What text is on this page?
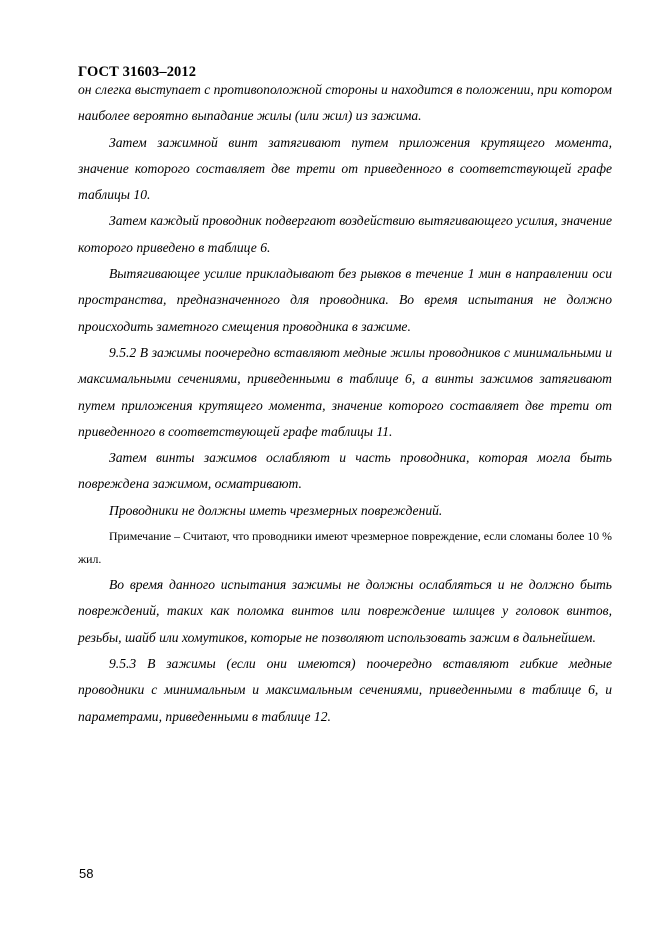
ГОСТ 31603–2012

он слегка выступает с противоположной стороны и находится в положении, при котором наиболее вероятно выпадание жилы (или жил) из зажима.

Затем зажимной винт затягивают путем приложения крутящего момента, значение которого составляет две трети от приведенного в соответствующей графе таблицы 10.

Затем каждый проводник подвергают воздействию вытягивающего усилия, значение которого приведено в таблице 6.

Вытягивающее усилие прикладывают без рывков в течение 1 мин в направлении оси пространства, предназначенного для проводника. Во время испытания не должно происходить заметного смещения проводника в зажиме.

9.5.2 В зажимы поочередно вставляют медные жилы проводников с минимальными и максимальными сечениями, приведенными в таблице 6, а винты зажимов затягивают путем приложения крутящего момента, значение которого составляет две трети от приведенного в соответствующей графе таблицы 11.

Затем винты зажимов ослабляют и часть проводника, которая могла быть повреждена зажимом, осматривают.

Проводники не должны иметь чрезмерных повреждений.

Примечание – Считают, что проводники имеют чрезмерное повреждение, если сломаны более 10 % жил.

Во время данного испытания зажимы не должны ослабляться и не должно быть повреждений, таких как поломка винтов или повреждение шлицев у головок винтов, резьбы, шайб или хомутиков, которые не позволяют использовать зажим в дальнейшем.

9.5.3 В зажимы (если они имеются) поочередно вставляют гибкие медные проводники с минимальным и максимальным сечениями, приведенными в таблице 6, и параметрами, приведенными в таблице 12.

58
